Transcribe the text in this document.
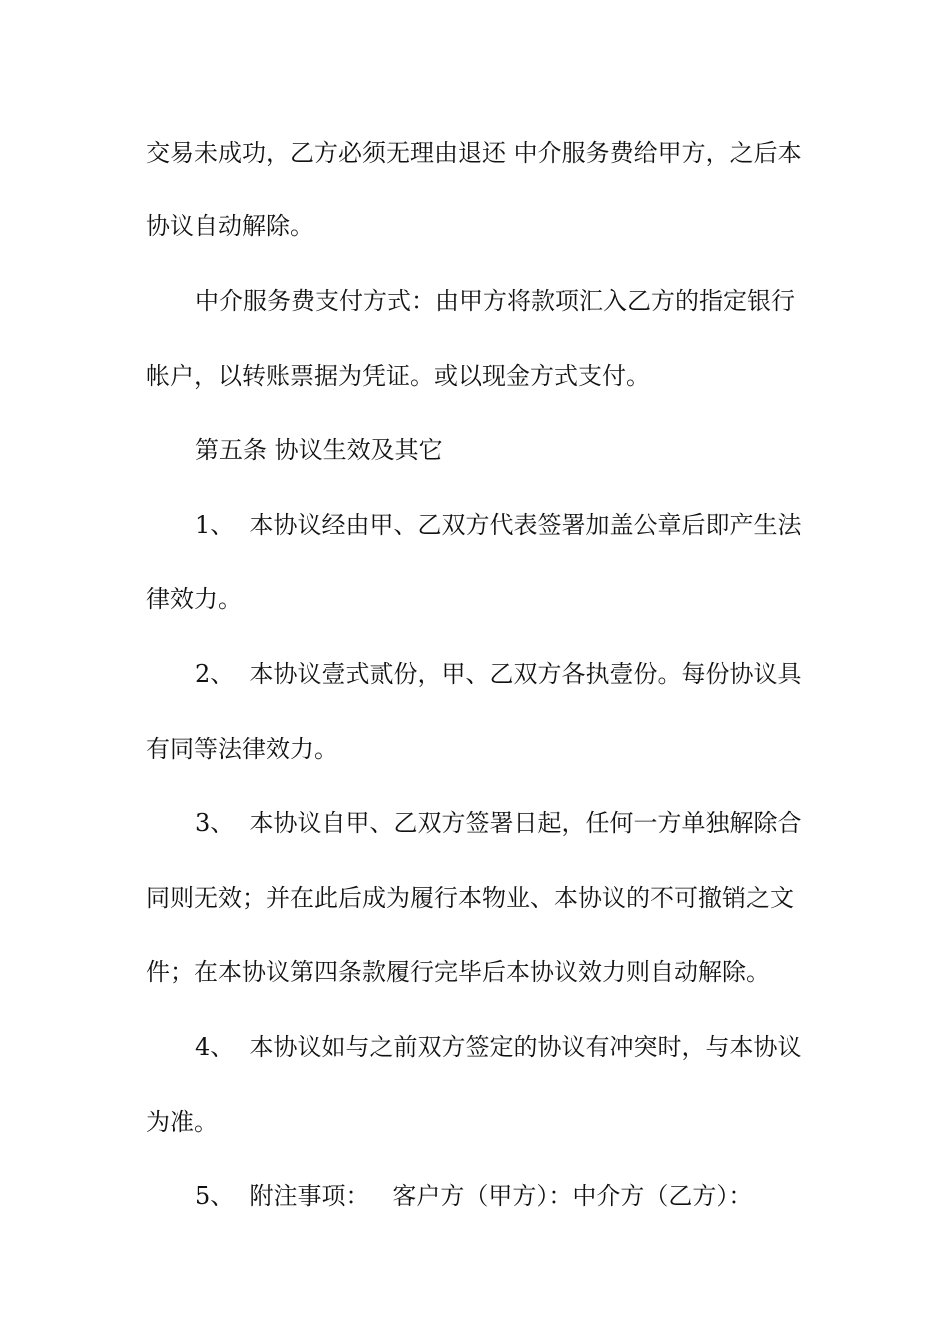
交易未成功，乙方必须无理由退还 中介服务费给甲方，之后本
协议自动解除。
中介服务费支付方式：由甲方将款项汇入乙方的指定银行
帐户，以转账票据为凭证。或以现金方式支付。
第五条 协议生效及其它
1、  本协议经由甲、乙双方代表签署加盖公章后即产生法
律效力。
2、  本协议壹式贰份，甲、乙双方各执壹份。每份协议具
有同等法律效力。
3、  本协议自甲、乙双方签署日起，任何一方单独解除合
同则无效；并在此后成为履行本物业、本协议的不可撤销之文
件；在本协议第四条款履行完毕后本协议效力则自动解除。
4、  本协议如与之前双方签定的协议有冲突时，与本协议
为准。
5、  附注事项：   客户方（甲方）：中介方（乙方）：
